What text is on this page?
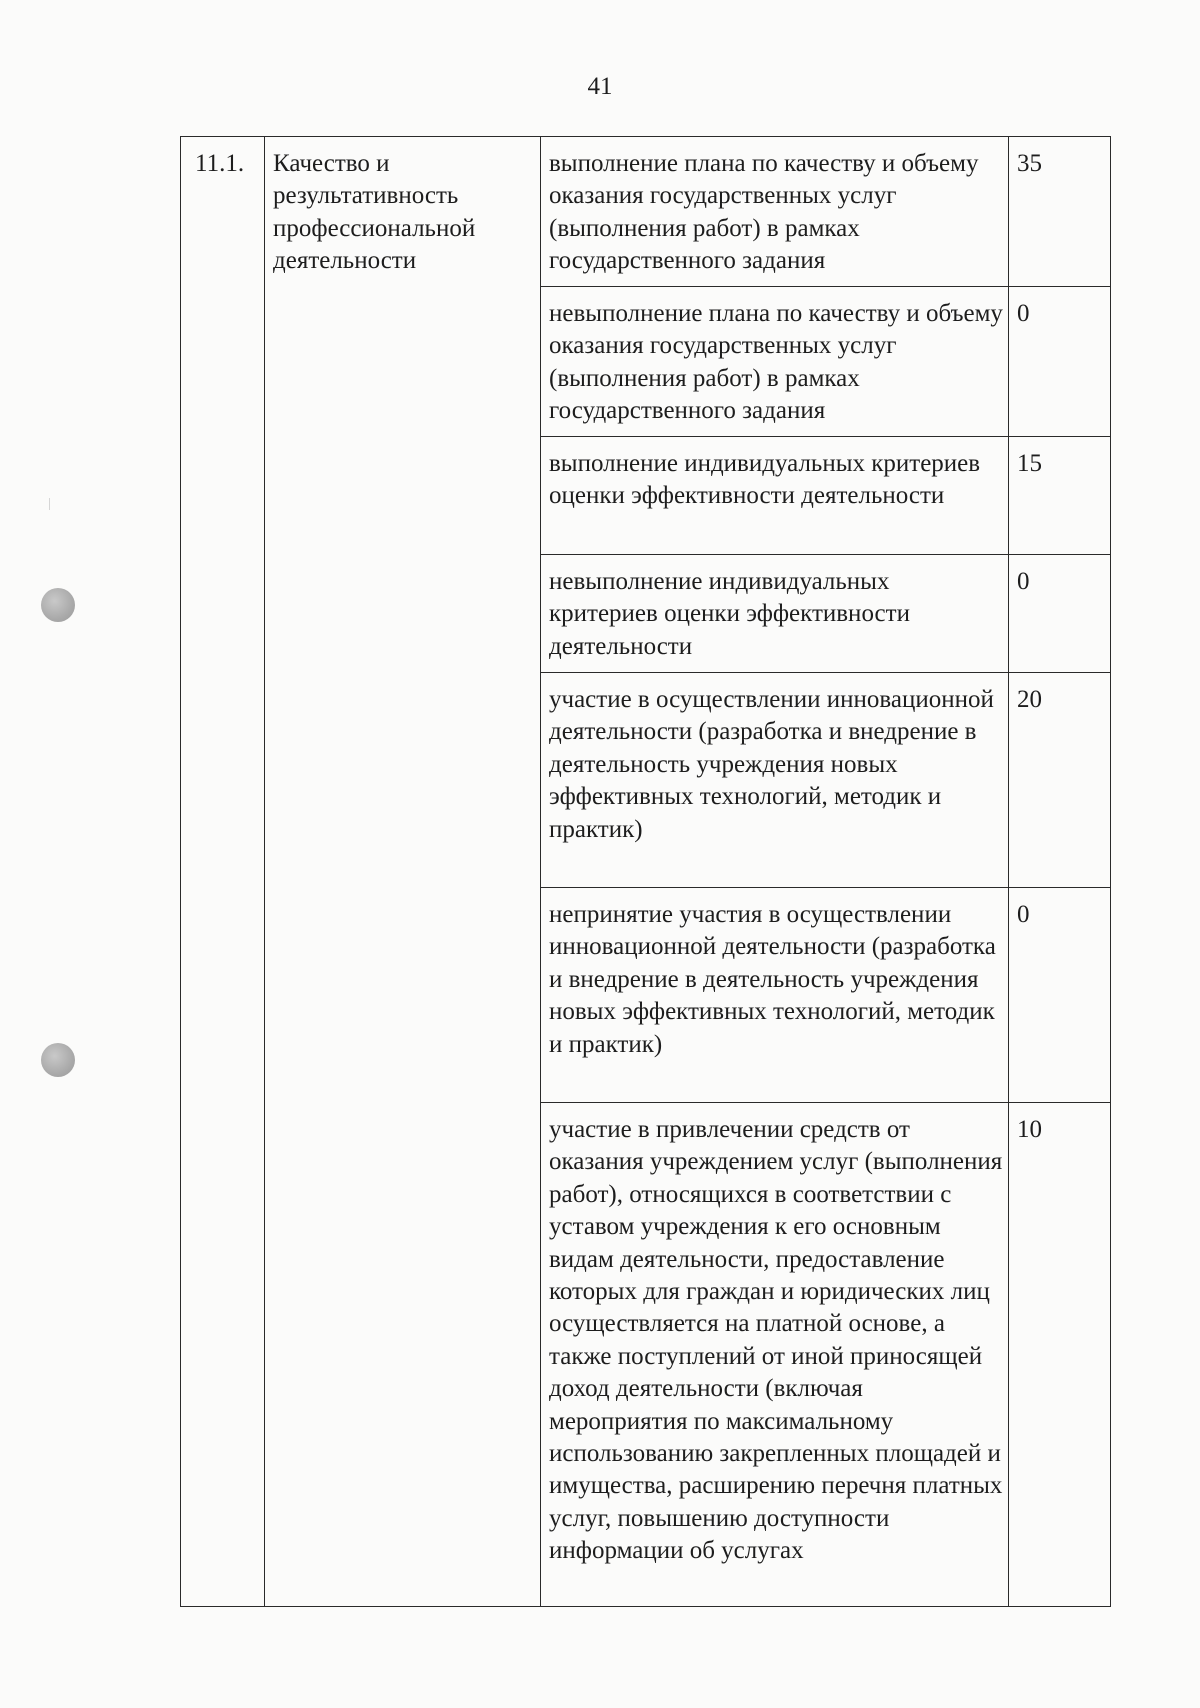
41
11.1.	Качество и результативность профессиональной деятельности	выполнение плана по качеству и объему оказания государственных услуг (выполнения работ) в рамках государственного задания	35
		невыполнение плана по качеству и объему оказания государственных услуг (выполнения работ) в рамках государственного задания	0
		выполнение индивидуальных критериев оценки эффективности деятельности	15
		невыполнение индивидуальных критериев оценки эффективности деятельности	0
		участие в осуществлении инновационной деятельности (разработка и внедрение в деятельность учреждения новых эффективных технологий, методик и практик)	20
		непринятие участия в осуществлении инновационной деятельности (разработка и внедрение в деятельность учреждения новых эффективных технологий, методик и практик)	0
		участие в привлечении средств от оказания учреждением услуг (выполнения работ), относящихся в соответствии с уставом учреждения к его основным видам деятельности, предоставление которых для граждан и юридических лиц осуществляется на платной основе, а также поступлений от иной приносящей доход деятельности (включая мероприятия по максимальному использованию закрепленных площадей и имущества, расширению перечня платных услуг, повышению доступности информации об услугах	10
